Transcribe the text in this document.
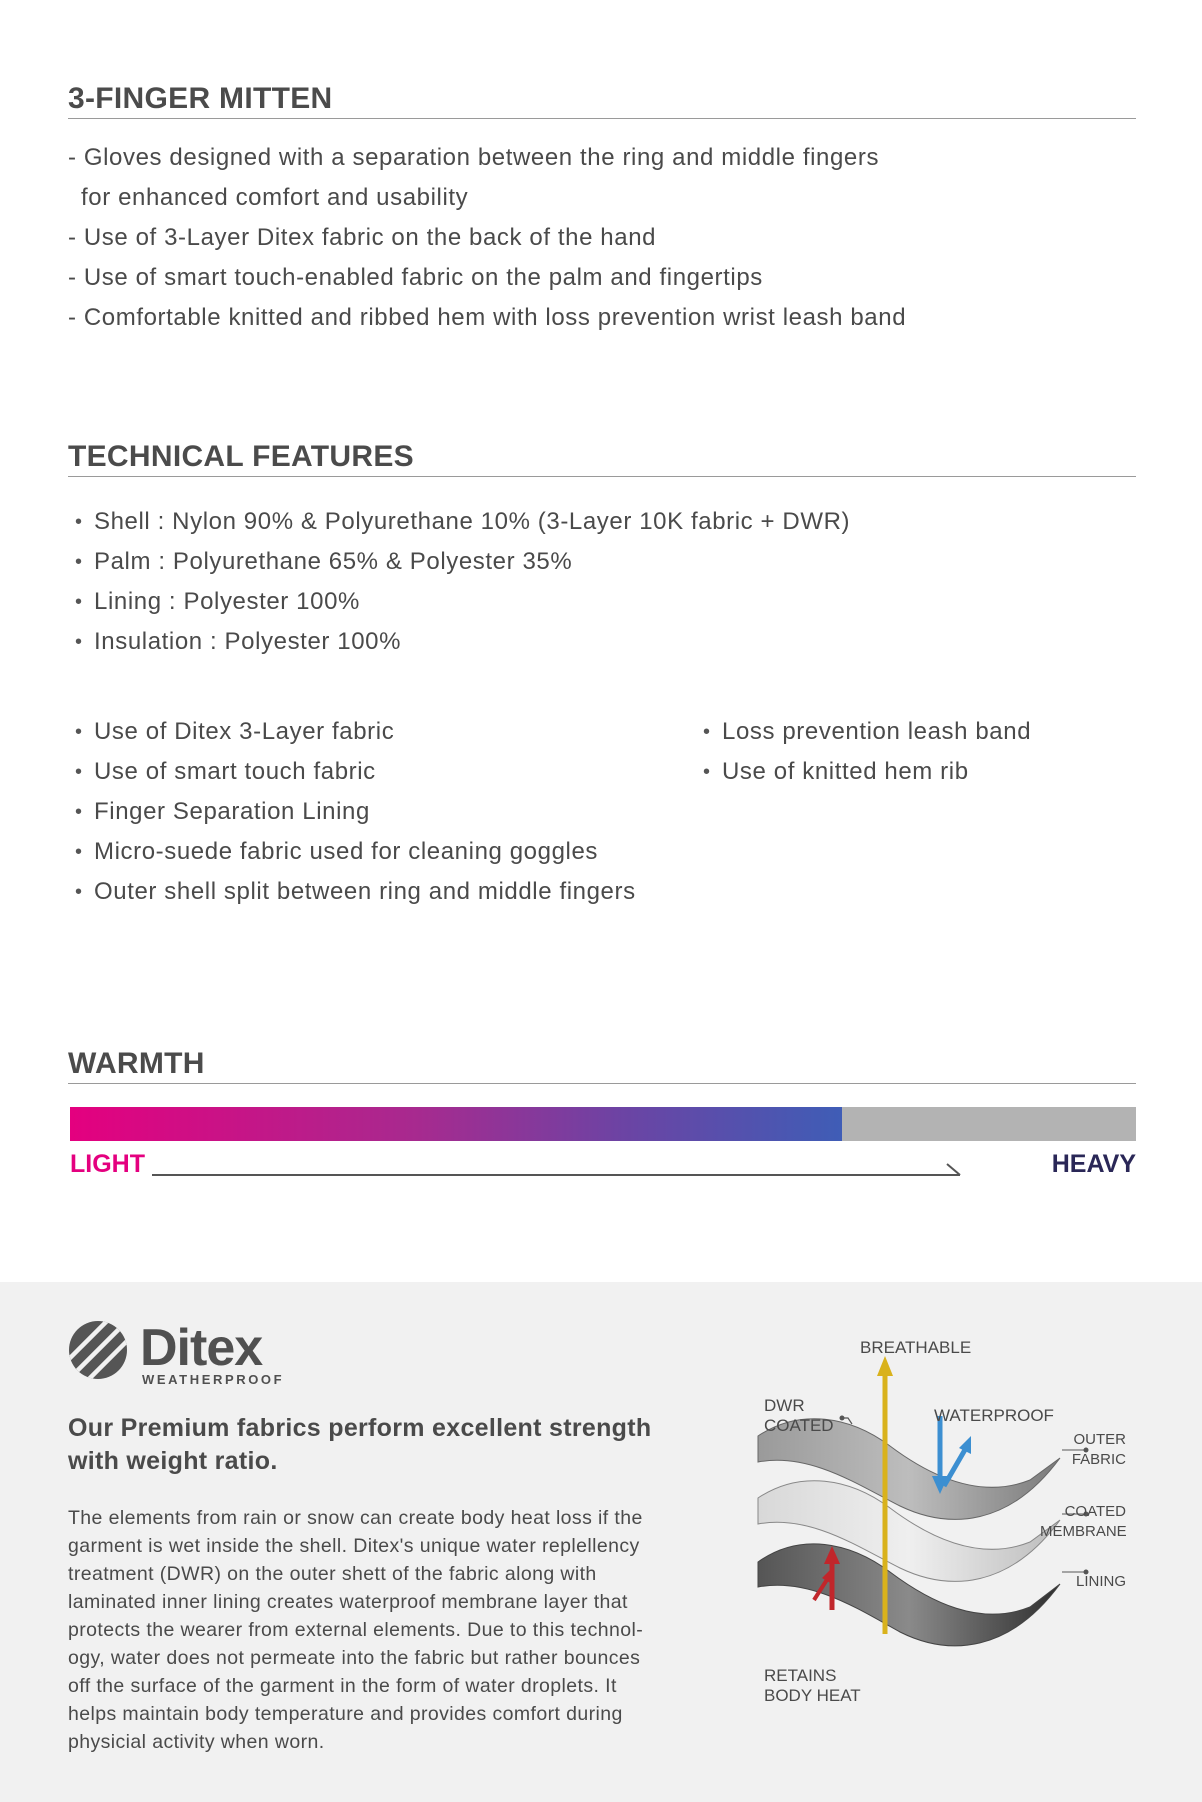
3-FINGER MITTEN
- Gloves designed with a separation between the ring and middle fingers
for enhanced comfort and usability
- Use of 3-Layer Ditex fabric on the back of the hand
- Use of smart touch-enabled fabric on the palm and fingertips
- Comfortable knitted and ribbed hem with loss prevention wrist leash band
TECHNICAL FEATURES
• Shell : Nylon 90% & Polyurethane 10% (3-Layer 10K fabric + DWR)
• Palm : Polyurethane 65% & Polyester 35%
• Lining : Polyester 100%
• Insulation : Polyester 100%
• Use of Ditex 3-Layer fabric
• Use of smart touch fabric
• Finger Separation Lining
• Micro-suede fabric used for cleaning goggles
• Outer shell split between ring and middle fingers
• Loss prevention leash band
• Use of knitted hem rib
WARMTH
LIGHT	HEAVY
Ditex
WEATHERPROOF
Our Premium fabrics perform excellent strength
with weight ratio.
The elements from rain or snow can create body heat loss if the
garment is wet inside the shell. Ditex's unique water replellency
treatment (DWR) on the outer shett of the fabric along with
laminated inner lining creates waterproof membrane layer that
protects the wearer from external elements. Due to this technol-
ogy, water does not permeate into the fabric but rather bounces
off the surface of the garment in the form of water droplets. It
helps maintain body temperature and provides comfort during
physicial activity when worn.
BREATHABLE
DWR
COATED
WATERPROOF
OUTER
FABRIC
COATED
MEMBRANE
LINING
RETAINS
BODY HEAT
